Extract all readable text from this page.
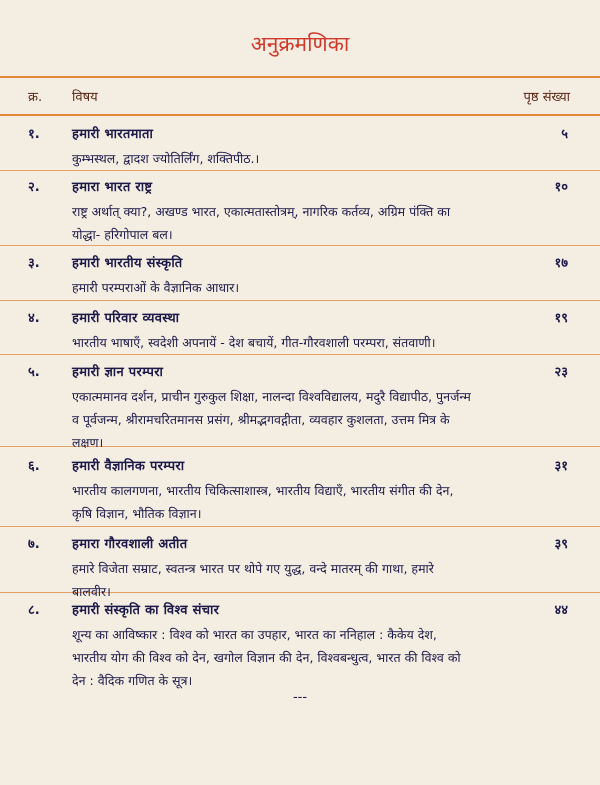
अनुक्रमणिका
क्र. विषय	पृष्ठ संख्या
१. हमारी भारतमाता	५
कुम्भस्थल, द्वादश ज्योतिर्लिंग, शक्तिपीठ.।
२. हमारा भारत राष्ट्र	१०
राष्ट्र अर्थात् क्या?, अखण्ड भारत, एकात्मतास्तोत्रम्, नागरिक कर्तव्य, अग्रिम पंक्ति का योद्धा- हरिगोपाल बल।
३. हमारी भारतीय संस्कृति	१७
हमारी परम्पराओं के वैज्ञानिक आधार।
४. हमारी परिवार व्यवस्था	१९
भारतीय भाषाएँ, स्वदेशी अपनायें - देश बचायें, गीत-गौरवशाली परम्परा, संतवाणी।
५. हमारी ज्ञान परम्परा	२३
एकात्ममानव दर्शन, प्राचीन गुरुकुल शिक्षा, नालन्दा विश्वविद्यालय, मदुरै विद्यापीठ, पुनर्जन्म व पूर्वजन्म, श्रीरामचरितमानस प्रसंग, श्रीमद्भगवद्गीता, व्यवहार कुशलता, उत्तम मित्र के लक्षण।
६. हमारी वैज्ञानिक परम्परा	३१
भारतीय कालगणना, भारतीय चिकित्साशास्त्र, भारतीय विद्याएँ, भारतीय संगीत की देन, कृषि विज्ञान, भौतिक विज्ञान।
७. हमारा गौरवशाली अतीत	३९
हमारे विजेता सम्राट, स्वतन्त्र भारत पर थोपे गए युद्ध, वन्दे मातरम् की गाथा, हमारे बालवीर।
८. हमारी संस्कृति का विश्व संचार	४४
शून्य का आविष्कार : विश्व को भारत का उपहार, भारत का ननिहाल : कैकेय देश, भारतीय योग की विश्व को देन, खगोल विज्ञान की देन, विश्वबन्धुत्व, भारत की विश्व को देन : वैदिक गणित के सूत्र।
---
